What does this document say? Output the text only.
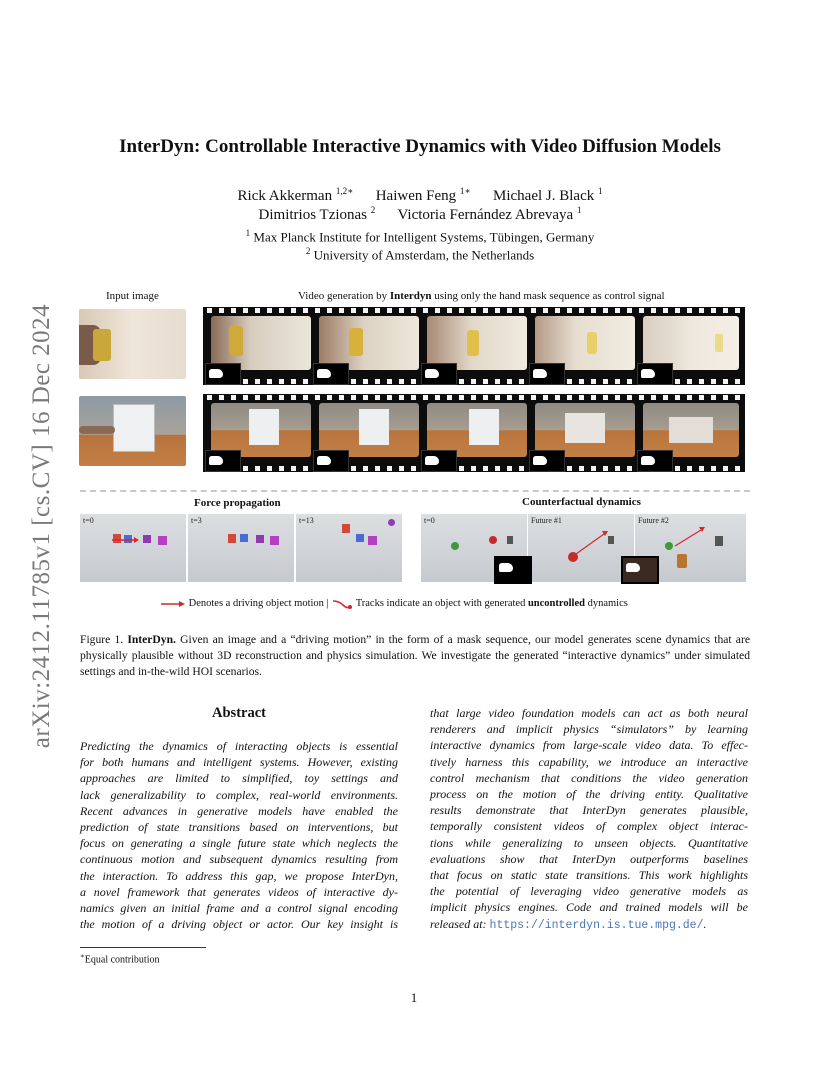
arXiv:2412.11785v1 [cs.CV] 16 Dec 2024
InterDyn: Controllable Interactive Dynamics with Video Diffusion Models
Rick Akkerman $^{1,2∗}$ Haiwen Feng $^{1∗}$ Michael J. Black $^1$
Dimitrios Tzionas $^2$ Victoria Fernández Abrevaya $^1$
$^1$ Max Planck Institute for Intelligent Systems, Tübingen, Germany
$^2$ University of Amsterdam, the Netherlands
Input image	Video generation by Interdyn using only the hand mask sequence as control signal
Force propagation	Counterfactual dynamics
t=0	t=3	t=13	t=0	Future #1	Future #2
Denotes a driving object motion |	Tracks indicate an object with generated uncontrolled dynamics
Figure 1. InterDyn. Given an image and a “driving motion” in the form of a mask sequence, our model generates scene dynamics that are physically plausible without 3D reconstruction and physics simulation. We investigate the generated “interactive dynamics” under simulated settings and in-the-wild HOI scenarios.
Abstract
Predicting the dynamics of interacting objects is essential
for both humans and intelligent systems. However, existing
approaches are limited to simplified, toy settings and
lack generalizability to complex, real-world environments.
Recent advances in generative models have enabled the
prediction of state transitions based on interventions, but
focus on generating a single future state which neglects the
continuous motion and subsequent dynamics resulting from
the interaction. To address this gap, we propose InterDyn,
a novel framework that generates videos of interactive dy-
namics given an initial frame and a control signal encoding
the motion of a driving object or actor. Our key insight is
that large video foundation models can act as both neural
renderers and implicit physics “simulators” by learning
interactive dynamics from large-scale video data. To effec-
tively harness this capability, we introduce an interactive
control mechanism that conditions the video generation
process on the motion of the driving entity. Qualitative
results demonstrate that InterDyn generates plausible,
temporally consistent videos of complex object interac-
tions while generalizing to unseen objects. Quantitative
evaluations show that InterDyn outperforms baselines
that focus on static state transitions. This work highlights
the potential of leveraging video generative models as
implicit physics engines. Code and trained models will be
released at: https://interdyn.is.tue.mpg.de/.
∗Equal contribution
1
